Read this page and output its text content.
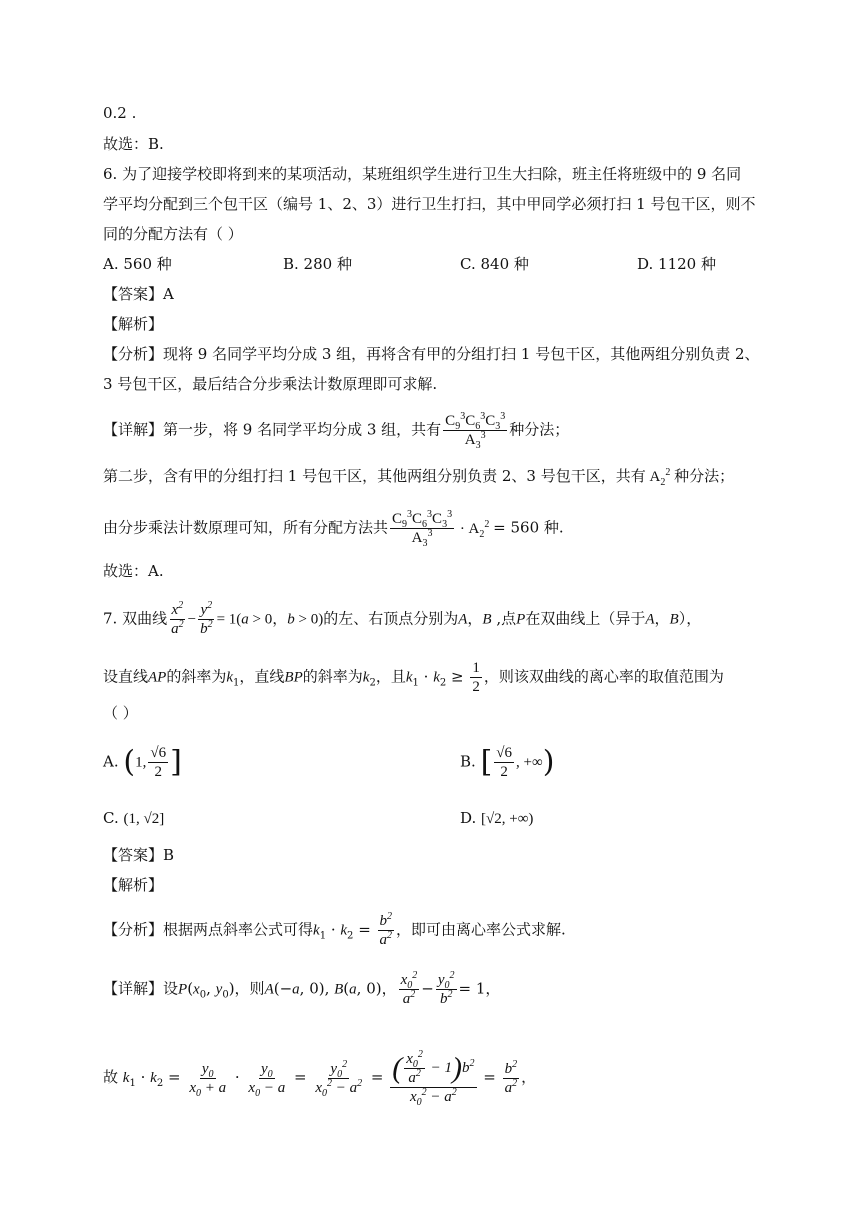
0.2 .
故选：B.
6. 为了迎接学校即将到来的某项活动，某班组织学生进行卫生大扫除，班主任将班级中的 9 名同
学平均分配到三个包干区（编号 1、2、3）进行卫生打扫，其中甲同学必须打扫 1 号包干区，则不
同的分配方法有（ ）
A. 560 种	B. 280 种	C. 840 种	D. 1120 种
【答案】A
【解析】
【分析】现将 9 名同学平均分成 3 组，再将含有甲的分组打扫 1 号包干区，其他两组分别负责 2、
3 号包干区，最后结合分步乘法计数原理即可求解.
【详解】第一步，将 9 名同学平均分成 3 组，共有 $\frac{C_9^3C_6^3C_3^3}{A_3^3}$ 种分法；
第二步，含有甲的分组打扫 1 号包干区，其他两组分别负责 2、3 号包干区，共有 $A_2^2$ 种分法；
由分步乘法计数原理可知，所有分配方法共 $\frac{C_9^3C_6^3C_3^3}{A_3^3} \cdot A_2^2 = 560$ 种.
故选：A.
7. 双曲线 $\frac{x^2}{a^2} - \frac{y^2}{b^2} = 1(a > 0$，b > 0)的左、右顶点分别为A，B ,点P在双曲线上（异于A，B），
设直线AP的斜率为$k_1$，直线BP的斜率为$k_2$，且$k_1 \cdot k_2 \ge \frac{1}{2}$ ，则该双曲线的离心率的取值范围为
（ ）
A. (1, $\frac{√6}{2}$ ]	B. [ $\frac{√6}{2}$ , +∞)
C. (1, √2]	D. [√2, +∞)
【答案】B
【解析】
【分析】根据两点斜率公式可得$k_1 \cdot k_2 = \frac{b^2}{a^2}$ ，即可由离心率公式求解.
【详解】设$P(x_0$, $y_0$)，则A(−a, 0), B(a, 0)， $\frac{x_0^2}{a^2} - \frac{y_0^2}{b^2} = 1$，
故 $k_1 \cdot k_2 = \frac{y_0}{x_0 + a} \cdot \frac{y_0}{x_0 - a} = \frac{y_0^2}{x_0^2 - a^2} = \frac{( \frac{x_0^2}{a^2} - 1)b^2}{x_0^2 - a^2} = \frac{b^2}{a^2}$ ，
